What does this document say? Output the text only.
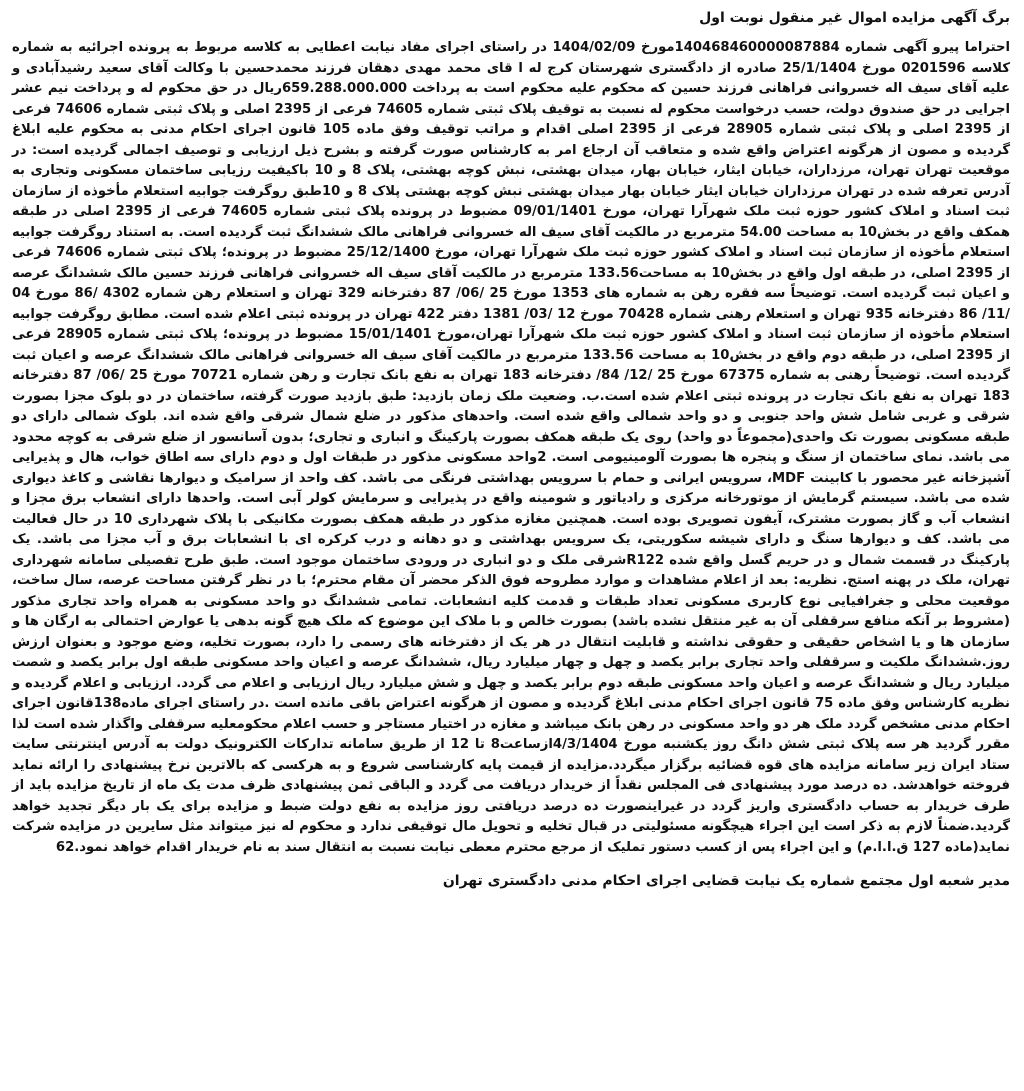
برگ آگهی مزایده اموال غیر منقول نوبت اول

احتراما پیرو آگهی شماره 140468460000087884مورخ 1404/02/09 در راستای اجرای مفاد نیابت اعطایی به کلاسه مربوط به پرونده اجرائیه به شماره کلاسه 0201596 مورخ 25/1/1404 صادره از دادگستری شهرستان کرج له ا قای محمد مهدی دهقان فرزند محمدحسین با وکالت آقای سعید رشیدآبادی و علیه آقای سیف اله خسروانی فراهانی فرزند حسین که محکوم علیه محکوم است به پرداخت 659.288.000.000ریال در حق محکوم له و پرداخت نیم عشر اجرایی در حق صندوق دولت، حسب درخواست محکوم له نسبت به توقیف پلاک ثبتی شماره 74605 فرعی از 2395 اصلی و پلاک ثبتی شماره 74606 فرعی از 2395 اصلی و پلاک ثبتی شماره 28905 فرعی از 2395 اصلی اقدام و مراتب توقیف وفق ماده 105 قانون اجرای احکام مدنی به محکوم علیه ابلاغ گردیده و مصون از هرگونه اعتراض واقع شده و متعاقب آن ارجاع امر به کارشناس صورت گرفته و بشرح ذیل ارزیابی و توصیف اجمالی گردیده است: در موقعیت تهران تهران، مرزداران، خیابان ایثار، خیابان بهار، میدان بهشتی، نبش کوچه بهشتی، پلاک 8 و 10 باکیفیت رزیابی ساختمان مسکونی وتجاری به آدرس تعرفه شده در تهران مرزداران خیابان ایثار خیابان بهار میدان بهشتی نبش کوچه بهشتی پلاک 8 و 10طبق روگرفت جوابیه استعلام مأخوذه از سازمان ثبت اسناد و املاک کشور حوزه ثبت ملک شهرآرا تهران، مورخ 09/01/1401 مضبوط در پرونده پلاک ثبتی شماره 74605 فرعی از 2395 اصلی در طبقه همکف واقع در بخش10 به مساحت 54.00 مترمربع در مالکیت آقای سیف اله خسروانی فراهانی مالک ششدانگ ثبت گردیده است. به استناد روگرفت جوابیه استعلام مأخوذه از سازمان ثبت اسناد و املاک کشور حوزه ثبت ملک شهرآرا تهران، مورخ 25/12/1400 مضبوط در پرونده؛ پلاک ثبتی شماره 74606 فرعی از 2395 اصلی، در طبقه اول واقع در بخش10 به مساحت133.56 مترمربع در مالکیت آقای سیف اله خسروانی فراهانی فرزند حسین مالک ششدانگ عرصه و اعیان ثبت گردیده است. توضیحاً سه فقره رهن به شماره های 1353 مورخ 25 /06/ 87 دفترخانه 329 تهران و استعلام رهن شماره 4302 /86 مورخ 04 /11/ 86 دفترخانه 935 تهران و استعلام رهنی شماره 70428 مورخ 12 /03/ 1381 دفتر 422 تهران در پرونده ثبتی اعلام شده است. مطابق روگرفت جوابیه استعلام مأخوذه از سازمان ثبت اسناد و املاک کشور حوزه ثبت ملک شهرآرا تهران،مورخ 15/01/1401 مضبوط در پرونده؛ پلاک ثبتی شماره 28905 فرعی از 2395 اصلی، در طبقه دوم واقع در بخش10 به مساحت 133.56 مترمربع در مالکیت آقای سیف اله خسروانی فراهانی مالک ششدانگ عرصه و اعیان ثبت گردیده است. توضیحاً رهنی به شماره 67375 مورخ 25 /12/ 84/ دفترخانه 183 تهران به نفع بانک تجارت و رهن شماره 70721 مورخ 25 /06/ 87 دفترخانه 183 تهران به نفع بانک تجارت در پرونده ثبتی اعلام شده است.ب. وضعیت ملک زمان بازدید: طبق بازدید صورت گرفته، ساختمان در دو بلوک مجزا بصورت شرقی و غربی شامل شش واحد جنوبی و دو واحد شمالی واقع شده است. واحدهای مذکور در ضلع شمال شرقی واقع شده اند. بلوک شمالی دارای دو طبقه مسکونی بصورت تک واحدی(مجموعاً دو واحد) روی یک طبقه همکف بصورت پارکینگ و انباری و تجاری؛ بدون آسانسور از ضلع شرقی به کوچه محدود می باشد. نمای ساختمان از سنگ و پنجره ها بصورت آلومینیومی است. 2واحد مسکونی مذکور در طبقات اول و دوم دارای سه اطاق خواب، هال و پذیرایی آشپزخانه غیر محصور با کابینت MDF، سرویس ایرانی و حمام با سرویس بهداشتی فرنگی می باشد. کف واحد از سرامیک و دیوارها نقاشی و کاغذ دیواری شده می باشد. سیستم گرمایش از موتورخانه مرکزی و رادیاتور و شومینه واقع در پذیرایی و سرمایش کولر آبی است. واحدها دارای انشعاب برق مجزا و انشعاب آب و گاز بصورت مشترک، آیفون تصویری بوده است. همچنین مغازه مذکور در طبقه همکف بصورت مکانیکی با پلاک شهرداری 10 در حال فعالیت می باشد. کف و دیوارها سنگ و دارای شیشه سکوریتی، یک سرویس بهداشتی و دو دهانه و درب کرکره ای با انشعابات برق و آب مجزا می باشد. یک پارکینگ در قسمت شمال و در حریم گسل واقع شده R122شرقی ملک و دو انباری در ورودی ساختمان موجود است. طبق طرح تفصیلی سامانه شهرداری تهران، ملک در پهنه استج. نظریه: بعد از اعلام مشاهدات و موارد مطروحه فوق الذکر محضر آن مقام محترم؛ با در نظر گرفتن مساحت عرصه، سال ساخت، موقعیت محلی و جغرافیایی نوع کاربری مسکونی تعداد طبقات و قدمت کلیه انشعابات. تمامی ششدانگ دو واحد مسکونی به همراه واحد تجاری مذکور (مشروط بر آنکه منافع سرقفلی آن به غیر منتقل نشده باشد) بصورت خالص و با ملاک این موضوع که ملک هیچ گونه بدهی یا عوارض احتمالی به ارگان ها و سازمان ها و یا اشخاص حقیقی و حقوقی نداشته و قابلیت انتقال در هر یک از دفترخانه های رسمی را دارد، بصورت تخلیه، وضع موجود و بعنوان ارزش روز.ششدانگ ملکیت و سرقفلی واحد تجاری برابر یکصد و چهل و چهار میلیارد ریال، ششدانگ عرصه و اعیان واحد مسکونی طبقه اول برابر یکصد و شصت میلیارد ریال و ششدانگ عرصه و اعیان واحد مسکونی طبقه دوم برابر یکصد و چهل و شش میلیارد ریال ارزیابی و اعلام می گردد. ارزیابی و اعلام گردیده و نظریه کارشناس وفق ماده 75 قانون اجرای احکام مدنی ابلاغ گردیده و مصون از هرگونه اعتراض باقی مانده است .در راستای اجرای ماده138قانون اجرای احکام مدنی مشخص گردد ملک هر دو واحد مسکونی در رهن بانک میباشد و مغازه در اختیار مستاجر و حسب اعلام محکومعلیه سرقفلی واگذار شده است لذا مقرر گردید هر سه پلاک ثبتی شش دانگ روز یکشنبه مورخ 4/3/1404ازساعت8 تا 12 از طریق سامانه تدارکات الکترونیک دولت به آدرس اینترنتی سایت ستاد ایران زیر سامانه مزایده های قوه قضائیه برگزار میگردد.مزایده از قیمت پایه کارشناسی شروع و به هرکسی که بالاترین نرخ پیشنهادی را ارائه نماید فروخته خواهدشد. ده درصد مورد پیشنهادی فی المجلس نقداً از خریدار دریافت می گردد و الباقی ثمن پیشنهادی ظرف مدت یک ماه از تاریخ مزایده باید از طرف خریدار به حساب دادگستری واریز گردد در غیراینصورت ده درصد دریافتی روز مزایده به نفع دولت ضبط و مزایده برای یک بار دیگر تجدید خواهد گردید.ضمناً لازم به ذکر است این اجراء هیچگونه مسئولیتی در قبال تخلیه و تحویل مال توقیفی ندارد و محکوم له نیز میتواند مثل سایرین در مزایده شرکت نماید(ماده 127 ق.ا.ا.م) و این اجراء پس از کسب دستور تملیک از مرجع محترم معطی نیابت نسبت به انتقال سند به نام خریدار اقدام خواهد نمود.62

مدیر شعبه اول مجتمع شماره یک نیابت قضایی اجرای احکام مدنی دادگستری تهران
